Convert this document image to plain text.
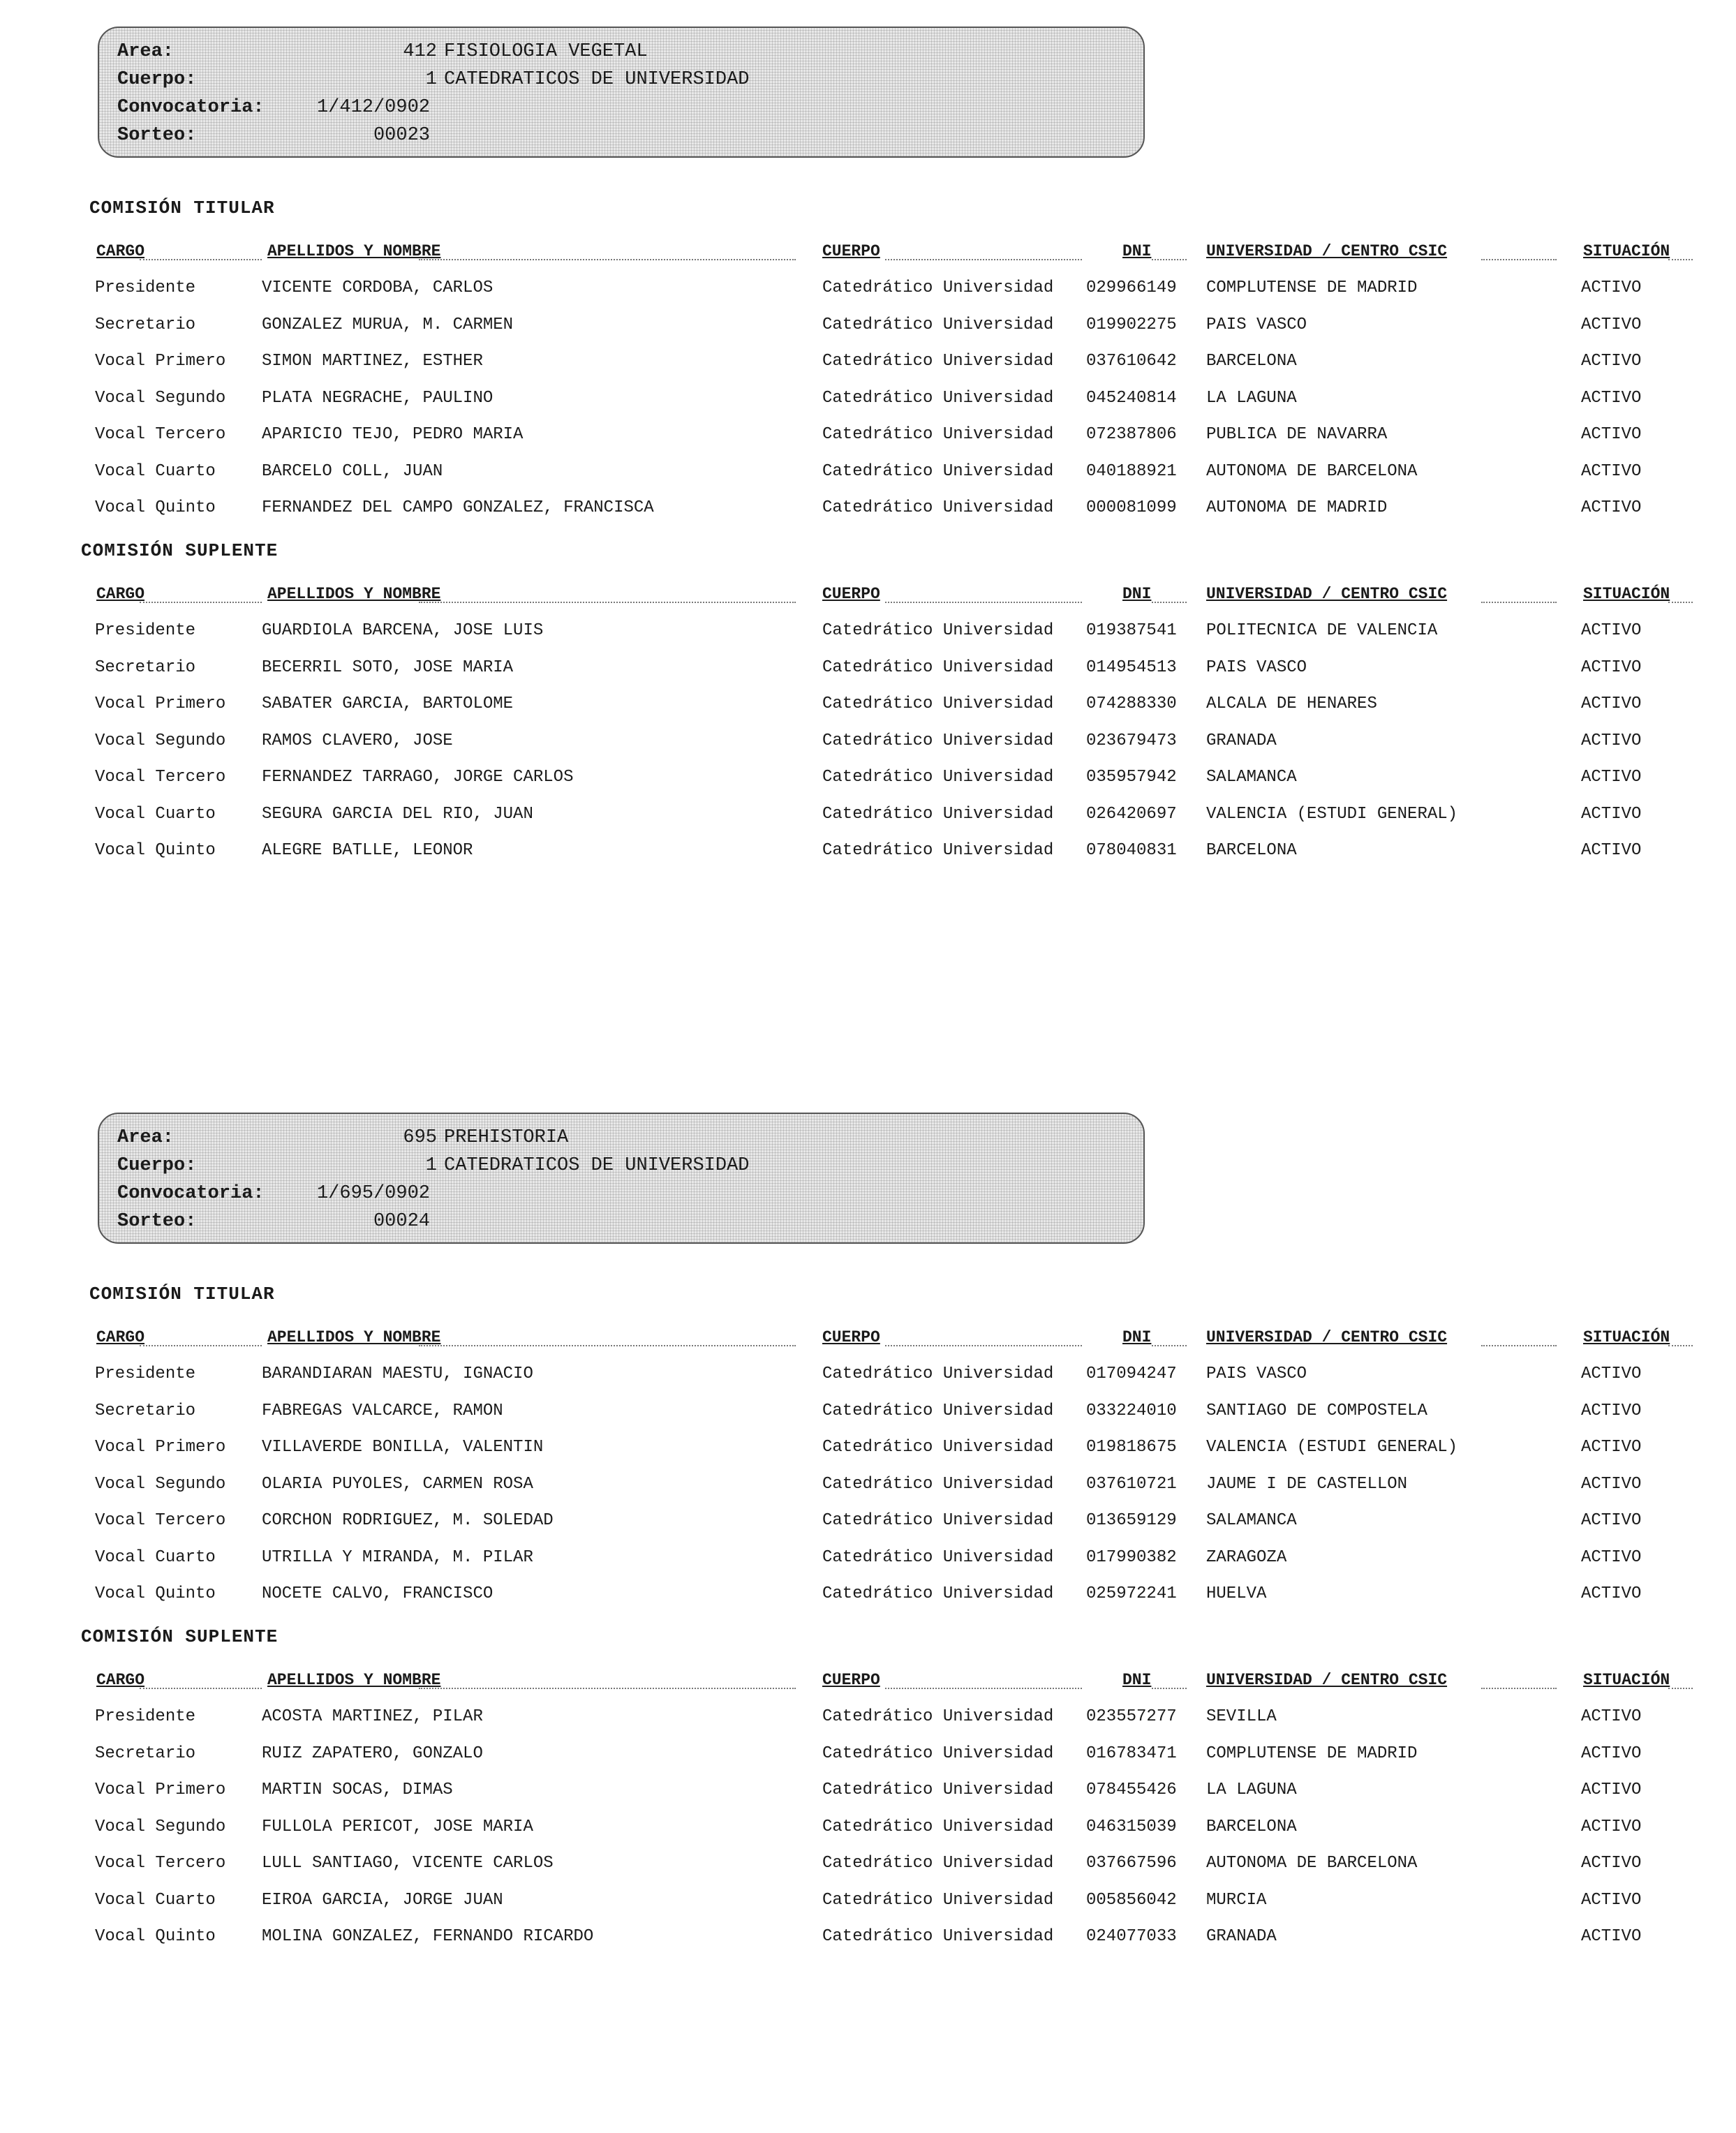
Area:	412 FISIOLOGIA VEGETAL
Cuerpo:	1 CATEDRATICOS DE UNIVERSIDAD
Convocatoria:	1/412/0902
Sorteo:	00023
COMISIÓN TITULAR
CARGO	APELLIDOS Y NOMBRE	CUERPO	DNI	UNIVERSIDAD / CENTRO CSIC	SITUACIÓN
Presidente	VICENTE CORDOBA, CARLOS	Catedrático Universidad 029966149 COMPLUTENSE DE MADRID	ACTIVO
Secretario	GONZALEZ MURUA, M. CARMEN	Catedrático Universidad 019902275 PAIS VASCO	ACTIVO
Vocal Primero SIMON MARTINEZ, ESTHER	Catedrático Universidad 037610642 BARCELONA	ACTIVO
Vocal Segundo PLATA NEGRACHE, PAULINO	Catedrático Universidad 045240814 LA LAGUNA	ACTIVO
Vocal Tercero APARICIO TEJO, PEDRO MARIA	Catedrático Universidad 072387806 PUBLICA DE NAVARRA	ACTIVO
Vocal Cuarto	BARCELO COLL, JUAN	Catedrático Universidad 040188921 AUTONOMA DE BARCELONA	ACTIVO
Vocal Quinto	FERNANDEZ DEL CAMPO GONZALEZ, FRANCISCA	Catedrático Universidad 000081099 AUTONOMA DE MADRID	ACTIVO
COMISIÓN SUPLENTE
CARGO	APELLIDOS Y NOMBRE	CUERPO	DNI	UNIVERSIDAD / CENTRO CSIC	SITUACIÓN
Presidente	GUARDIOLA BARCENA, JOSE LUIS	Catedrático Universidad 019387541 POLITECNICA DE VALENCIA	ACTIVO
Secretario	BECERRIL SOTO, JOSE MARIA	Catedrático Universidad 014954513 PAIS VASCO	ACTIVO
Vocal Primero SABATER GARCIA, BARTOLOME	Catedrático Universidad 074288330 ALCALA DE HENARES	ACTIVO
Vocal Segundo RAMOS CLAVERO, JOSE	Catedrático Universidad 023679473 GRANADA	ACTIVO
Vocal Tercero FERNANDEZ TARRAGO, JORGE CARLOS	Catedrático Universidad 035957942 SALAMANCA	ACTIVO
Vocal Cuarto	SEGURA GARCIA DEL RIO, JUAN	Catedrático Universidad 026420697 VALENCIA (ESTUDI GENERAL)	ACTIVO
Vocal Quinto	ALEGRE BATLLE, LEONOR	Catedrático Universidad 078040831 BARCELONA	ACTIVO
Area:	695 PREHISTORIA
Cuerpo:	1 CATEDRATICOS DE UNIVERSIDAD
Convocatoria:	1/695/0902
Sorteo:	00024
COMISIÓN TITULAR
CARGO	APELLIDOS Y NOMBRE	CUERPO	DNI	UNIVERSIDAD / CENTRO CSIC	SITUACIÓN
Presidente	BARANDIARAN MAESTU, IGNACIO	Catedrático Universidad 017094247 PAIS VASCO	ACTIVO
Secretario	FABREGAS VALCARCE, RAMON	Catedrático Universidad 033224010 SANTIAGO DE COMPOSTELA	ACTIVO
Vocal Primero VILLAVERDE BONILLA, VALENTIN	Catedrático Universidad 019818675 VALENCIA (ESTUDI GENERAL)	ACTIVO
Vocal Segundo OLARIA PUYOLES, CARMEN ROSA	Catedrático Universidad 037610721 JAUME I DE CASTELLON	ACTIVO
Vocal Tercero CORCHON RODRIGUEZ, M. SOLEDAD	Catedrático Universidad 013659129 SALAMANCA	ACTIVO
Vocal Cuarto	UTRILLA Y MIRANDA, M. PILAR	Catedrático Universidad 017990382 ZARAGOZA	ACTIVO
Vocal Quinto	NOCETE CALVO, FRANCISCO	Catedrático Universidad 025972241 HUELVA	ACTIVO
COMISIÓN SUPLENTE
CARGO	APELLIDOS Y NOMBRE	CUERPO	DNI	UNIVERSIDAD / CENTRO CSIC	SITUACIÓN
Presidente	ACOSTA MARTINEZ, PILAR	Catedrático Universidad 023557277 SEVILLA	ACTIVO
Secretario	RUIZ ZAPATERO, GONZALO	Catedrático Universidad 016783471 COMPLUTENSE DE MADRID	ACTIVO
Vocal Primero MARTIN SOCAS, DIMAS	Catedrático Universidad 078455426 LA LAGUNA	ACTIVO
Vocal Segundo FULLOLA PERICOT, JOSE MARIA	Catedrático Universidad 046315039 BARCELONA	ACTIVO
Vocal Tercero LULL SANTIAGO, VICENTE CARLOS	Catedrático Universidad 037667596 AUTONOMA DE BARCELONA	ACTIVO
Vocal Cuarto	EIROA GARCIA, JORGE JUAN	Catedrático Universidad 005856042 MURCIA	ACTIVO
Vocal Quinto	MOLINA GONZALEZ, FERNANDO RICARDO	Catedrático Universidad 024077033 GRANADA	ACTIVO
